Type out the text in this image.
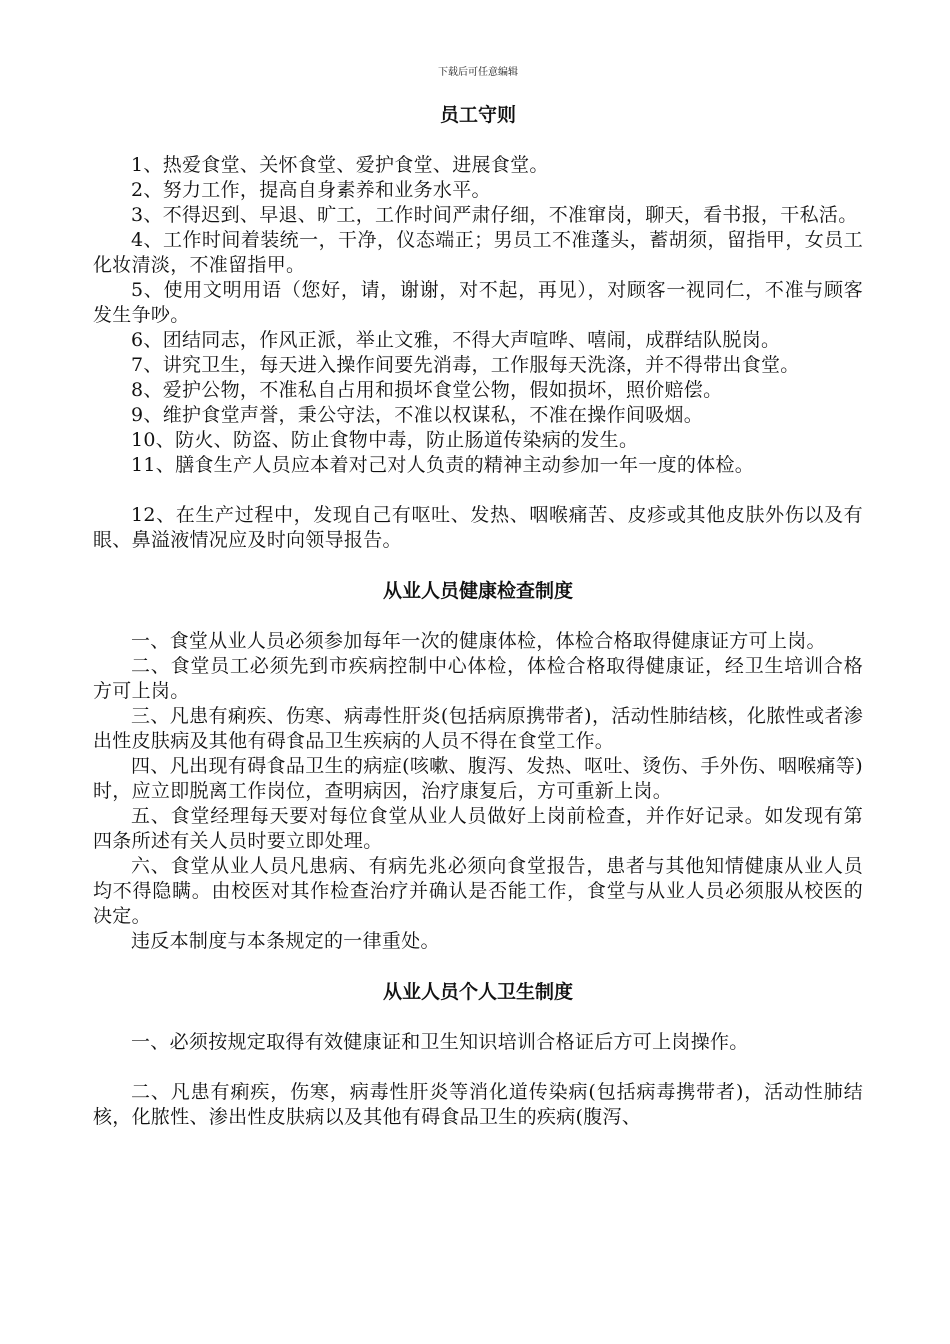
下载后可任意编辑
员工守则

1、热爱食堂、关怀食堂、爱护食堂、进展食堂。

2、努力工作，提高自身素养和业务水平。

3、不得迟到、早退、旷工，工作时间严肃仔细，不准窜岗，聊天，看书报，干私活。

4、工作时间着装统一，干净，仪态端正；男员工不准蓬头，蓄胡须，留指甲，女员工化妆清淡，不准留指甲。

5、使用文明用语（您好，请，谢谢，对不起，再见），对顾客一视同仁，不准与顾客发生争吵。

6、团结同志，作风正派，举止文雅，不得大声喧哗、嘻闹，成群结队脱岗。

7、讲究卫生，每天进入操作间要先消毒，工作服每天洗涤，并不得带出食堂。

8、爱护公物，不准私自占用和损坏食堂公物，假如损坏，照价赔偿。

9、维护食堂声誉，秉公守法，不准以权谋私，不准在操作间吸烟。

10、防火、防盗、防止食物中毒，防止肠道传染病的发生。

11、膳食生产人员应本着对己对人负责的精神主动参加一年一度的体检。

12、在生产过程中，发现自己有呕吐、发热、咽喉痛苦、皮疹或其他皮肤外伤以及有眼、鼻溢液情况应及时向领导报告。

从业人员健康检查制度

一、食堂从业人员必须参加每年一次的健康体检，体检合格取得健康证方可上岗。

二、食堂员工必须先到市疾病控制中心体检，体检合格取得健康证，经卫生培训合格方可上岗。

三、凡患有痢疾、伤寒、病毒性肝炎(包括病原携带者)，活动性肺结核，化脓性或者渗出性皮肤病及其他有碍食品卫生疾病的人员不得在食堂工作。

四、凡出现有碍食品卫生的病症(咳嗽、腹泻、发热、呕吐、烫伤、手外伤、咽喉痛等)时，应立即脱离工作岗位，查明病因，治疗康复后，方可重新上岗。

五、食堂经理每天要对每位食堂从业人员做好上岗前检查，并作好记录。如发现有第四条所述有关人员时要立即处理。

六、食堂从业人员凡患病、有病先兆必须向食堂报告，患者与其他知情健康从业人员均不得隐瞒。由校医对其作检查治疗并确认是否能工作，食堂与从业人员必须服从校医的决定。

违反本制度与本条规定的一律重处。

从业人员个人卫生制度

一、必须按规定取得有效健康证和卫生知识培训合格证后方可上岗操作。

二、凡患有痢疾，伤寒，病毒性肝炎等消化道传染病(包括病毒携带者)，活动性肺结核，化脓性、渗出性皮肤病以及其他有碍食品卫生的疾病(腹泻、
